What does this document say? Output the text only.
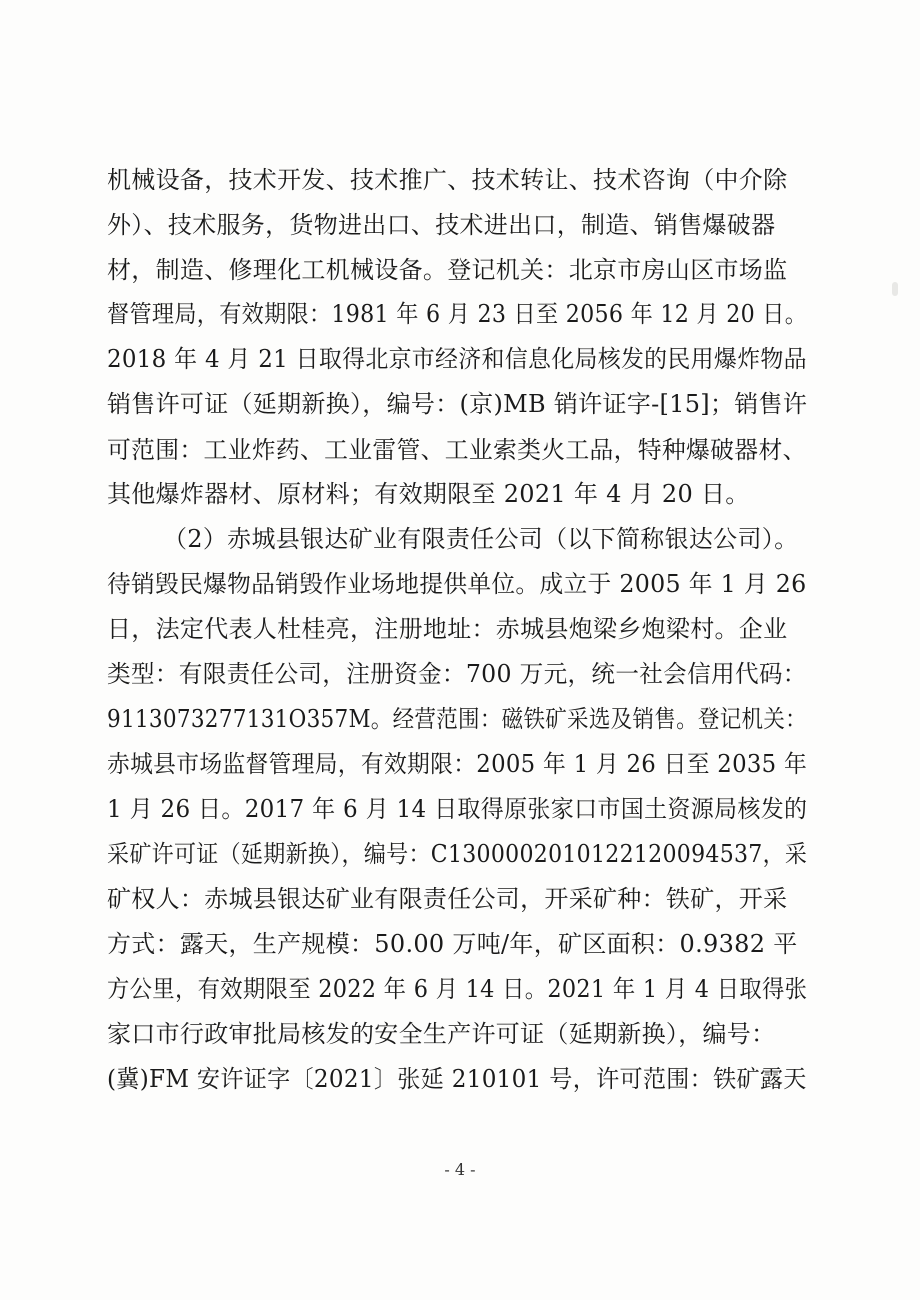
机械设备，技术开发、技术推广、技术转让、技术咨询（中介除
外）、技术服务，货物进出口、技术进出口，制造、销售爆破器
材，制造、修理化工机械设备。登记机关：北京市房山区市场监
督管理局，有效期限：1981 年 6 月 23 日至 2056 年 12 月 20 日。
2018 年 4 月 21 日取得北京市经济和信息化局核发的民用爆炸物品
销售许可证（延期新换），编号：(京)MB 销许证字-[15]；销售许
可范围：工业炸药、工业雷管、工业索类火工品，特种爆破器材、
其他爆炸器材、原材料；有效期限至 2021 年 4 月 20 日。
（2）赤城县银达矿业有限责任公司（以下简称银达公司）。
待销毁民爆物品销毁作业场地提供单位。成立于 2005 年 1 月 26
日，法定代表人杜桂亮，注册地址：赤城县炮梁乡炮梁村。企业
类型：有限责任公司，注册资金：700 万元，统一社会信用代码：
9113073277131O357M。经营范围：磁铁矿采选及销售。登记机关：
赤城县市场监督管理局，有效期限：2005 年 1 月 26 日至 2035 年
1 月 26 日。2017 年 6 月 14 日取得原张家口市国土资源局核发的
采矿许可证（延期新换），编号：C1300002010122120094537，采
矿权人：赤城县银达矿业有限责任公司，开采矿种：铁矿，开采
方式：露天，生产规模：50.00 万吨/年，矿区面积：0.9382 平
方公里，有效期限至 2022 年 6 月 14 日。2021 年 1 月 4 日取得张
家口市行政审批局核发的安全生产许可证（延期新换），编号：
(冀)FM 安许证字〔2021〕张延 210101 号，许可范围：铁矿露天
- 4 -
